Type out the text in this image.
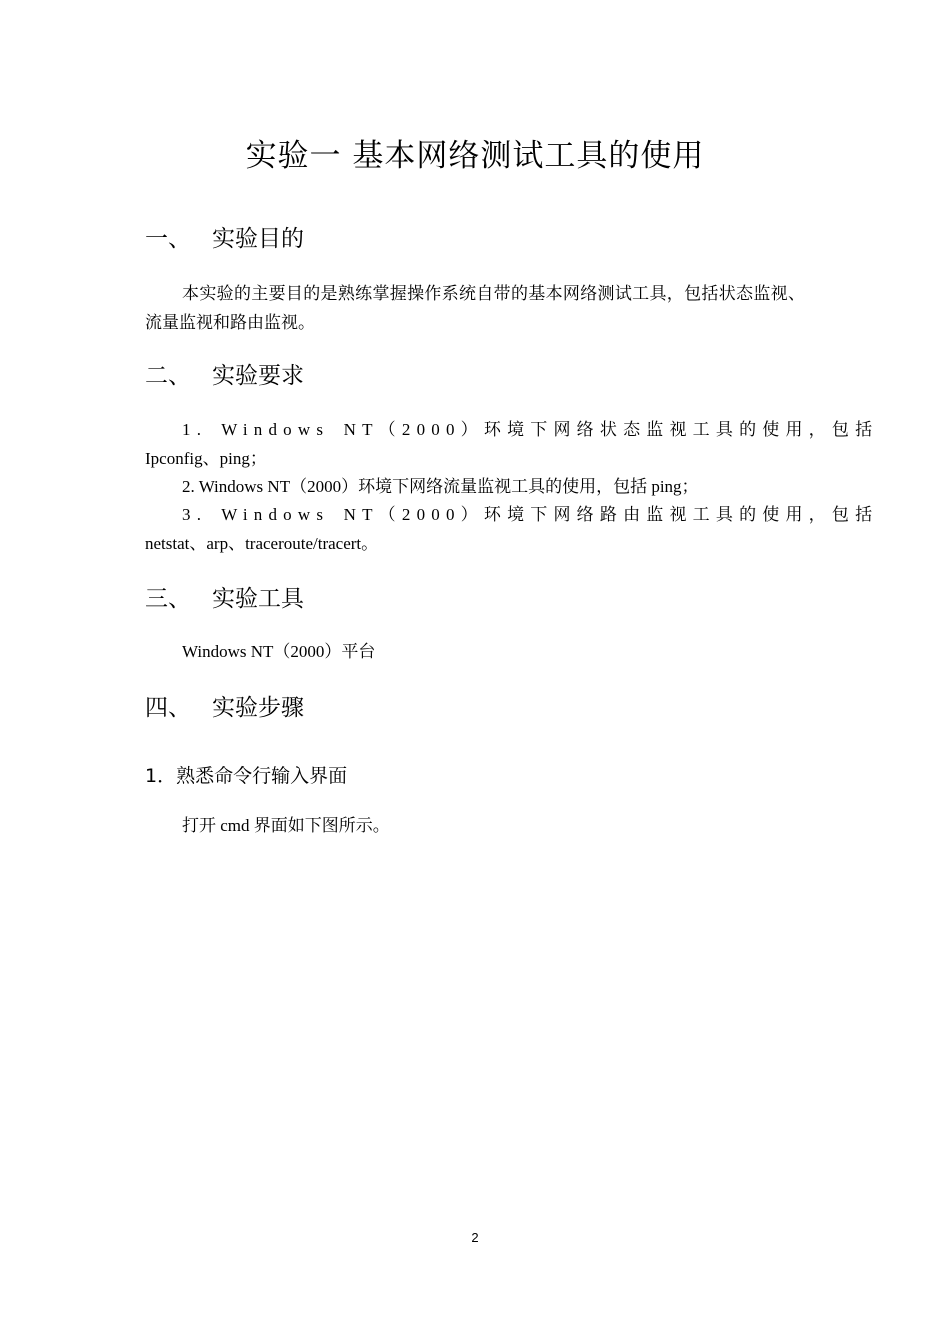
实验一 基本网络测试工具的使用
一、 实验目的
本实验的主要目的是熟练掌握操作系统自带的基本网络测试工具，包括状态监视、流量监视和路由监视。
二、 实验要求
1. Windows NT（2000）环境下网络状态监视工具的使用，包括
Ipconfig、ping；
2. Windows NT（2000）环境下网络流量监视工具的使用，包括 ping；
3. Windows NT（2000）环境下网络路由监视工具的使用，包括
netstat、arp、traceroute/tracert。
三、 实验工具
Windows NT（2000）平台
四、 实验步骤
1．熟悉命令行输入界面
打开 cmd 界面如下图所示。
2
